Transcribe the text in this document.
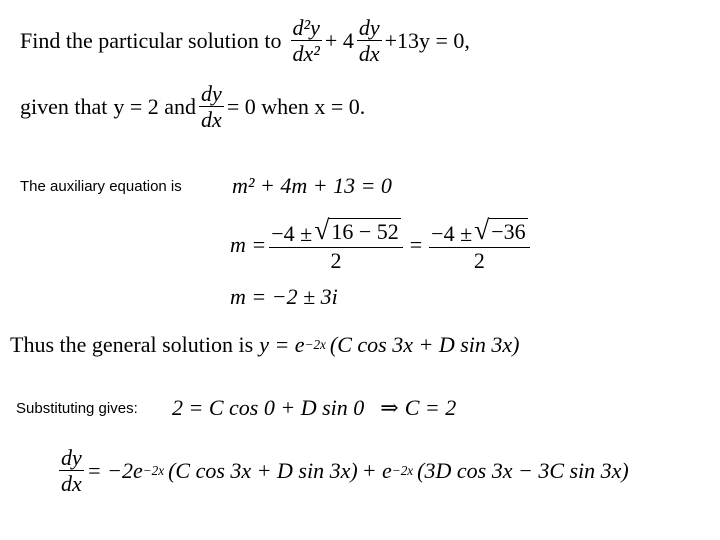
Find the particular solution to $\frac{\text{d²y}}{\text{dx²}} + 4 \frac{dy}{dx} +13y = 0$,
given that y = 2 and $\frac{dy}{dx} = 0$ when x = 0.
The auxiliary equation is m² + 4m + 13 = 0
$m = \frac{-4 \pm √ 16 - 52}{2} = \frac{-4 \pm √ -36}{2}$
m = −2 ± 3i
Thus the general solution is y = e −2x (C cos 3x + D sin 3x)
Substituting gives: 2 = C cos 0 + D sin 0 ⇒ C = 2
$\frac{dy}{dx} = -2e -2x$ (C cos 3x + D sin 3x) + e −2x (3D cos 3x − 3C sin 3x)
